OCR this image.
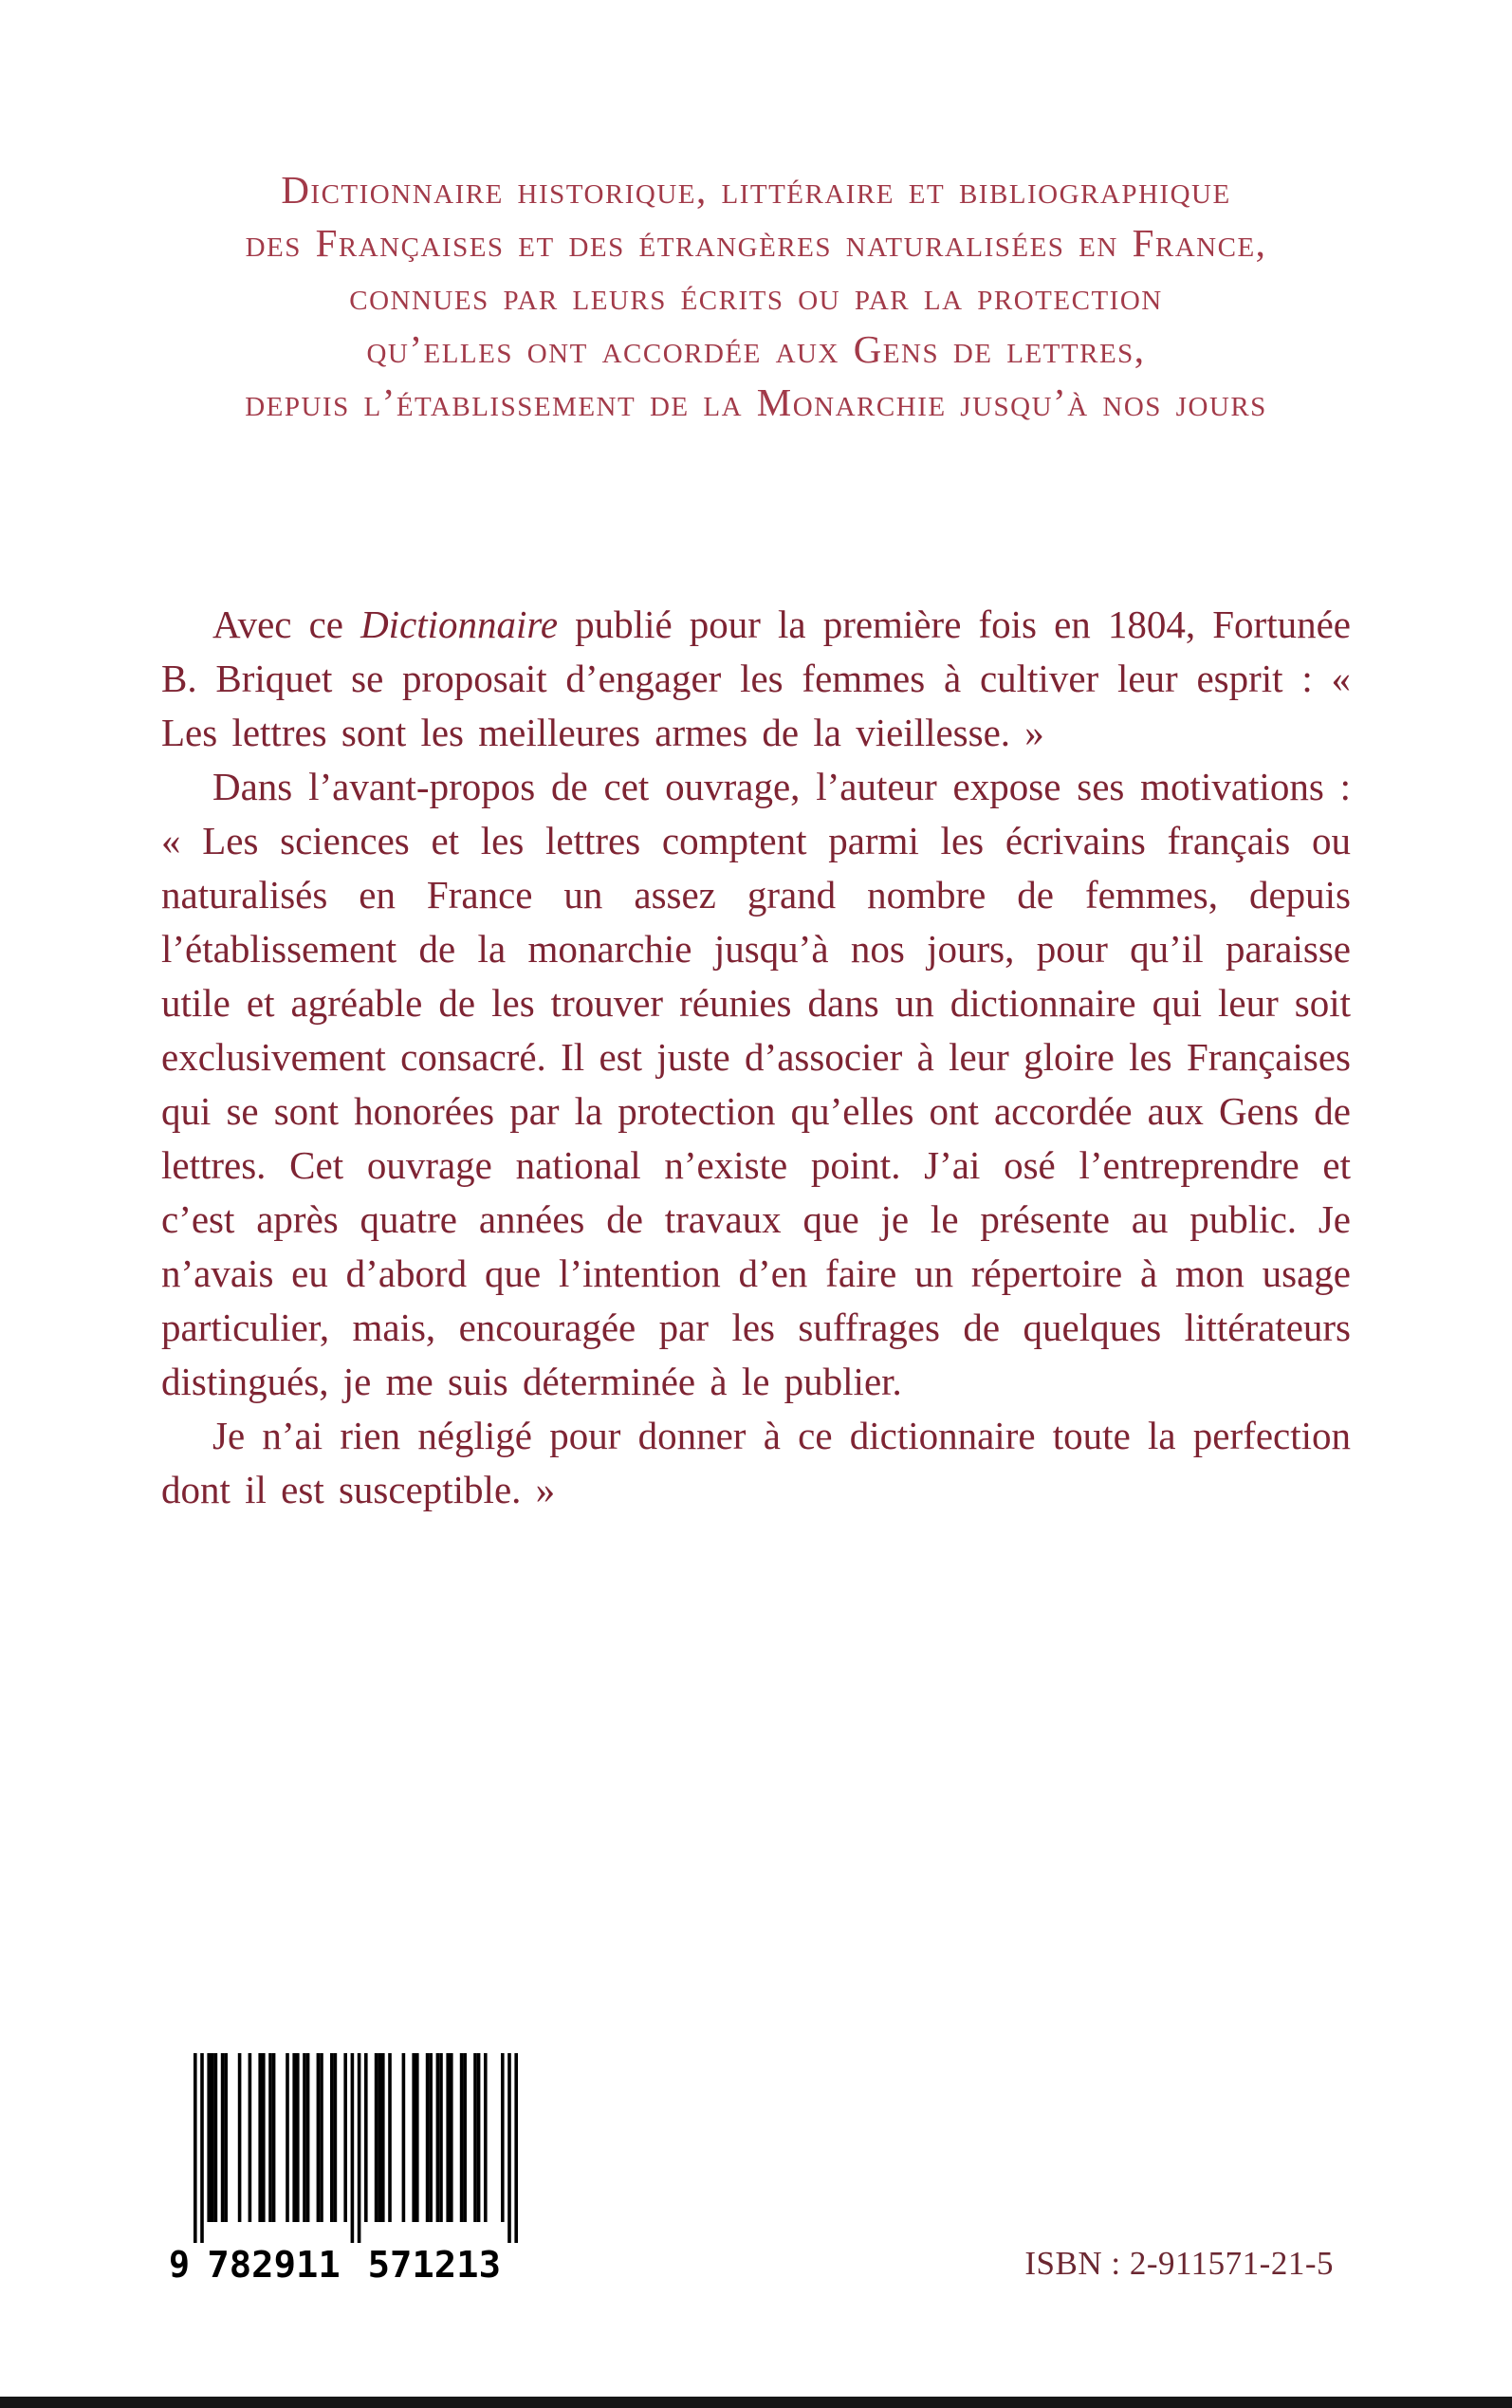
Dictionnaire historique, littéraire et bibliographique
des Françaises et des étrangères naturalisées en France,
connues par leurs écrits ou par la protection
qu’elles ont accordée aux Gens de lettres,
depuis l’établissement de la Monarchie jusqu’à nos jours

Avec ce Dictionnaire publié pour la première fois en 1804, Fortunée B. Briquet se proposait d’engager les femmes à cultiver leur esprit : « Les lettres sont les meilleures armes de la vieillesse. »

Dans l’avant-propos de cet ouvrage, l’auteur expose ses motivations : « Les sciences et les lettres comptent parmi les écrivains français ou naturalisés en France un assez grand nombre de femmes, depuis l’établissement de la monarchie jusqu’à nos jours, pour qu’il paraisse utile et agréable de les trouver réunies dans un dictionnaire qui leur soit exclusivement consacré. Il est juste d’associer à leur gloire les Françaises qui se sont honorées par la protection qu’elles ont accordée aux Gens de lettres. Cet ouvrage national n’existe point. J’ai osé l’entreprendre et c’est après quatre années de travaux que je le présente au public. Je n’avais eu d’abord que l’intention d’en faire un répertoire à mon usage particulier, mais, encouragée par les suffrages de quelques littérateurs distingués, je me suis déterminée à le publier.

Je n’ai rien négligé pour donner à ce dictionnaire toute la perfection dont il est susceptible. »

9 782911 571213	ISBN : 2-911571-21-5
